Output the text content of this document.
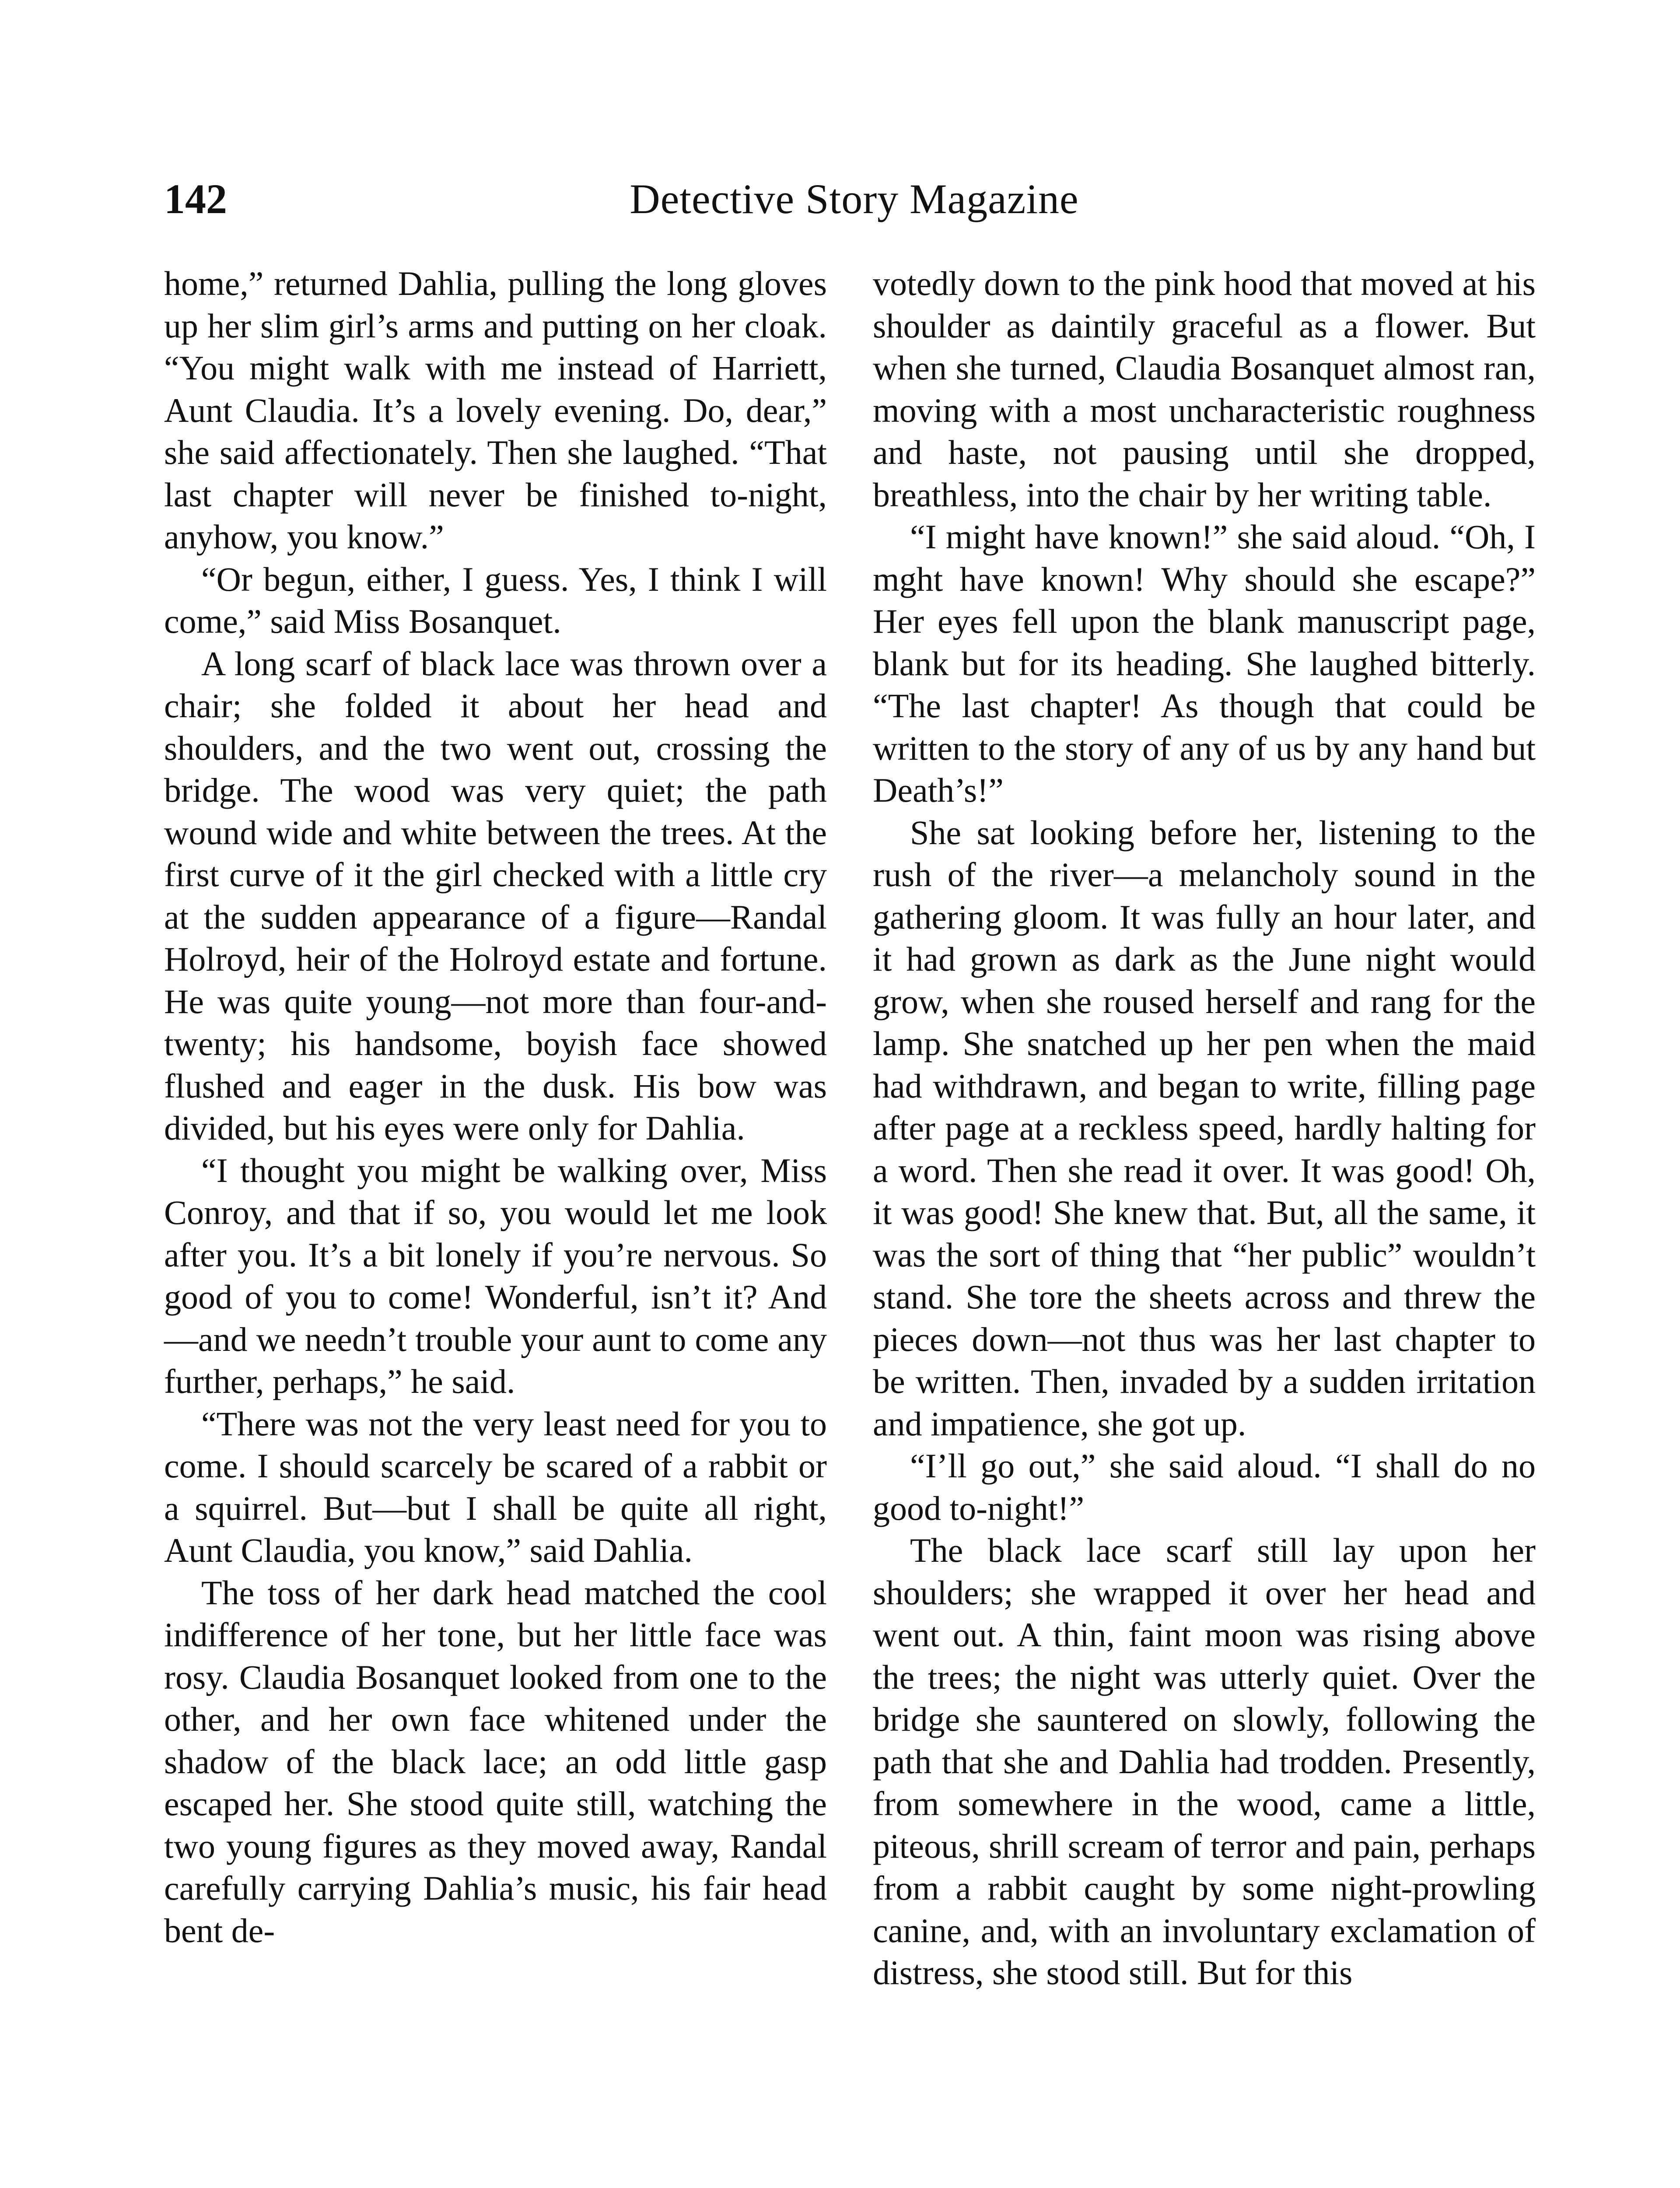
142	Detective Story Magazine

home,” returned Dahlia, pulling the long gloves up her slim girl’s arms and putting on her cloak. “You might walk with me instead of Harriett, Aunt Claudia. It’s a lovely evening. Do, dear,” she said affectionately. Then she laughed. “That last chapter will never be finished to-night, anyhow, you know.”

“Or begun, either, I guess. Yes, I think I will come,” said Miss Bosanquet.

A long scarf of black lace was thrown over a chair; she folded it about her head and shoulders, and the two went out, crossing the bridge. The wood was very quiet; the path wound wide and white between the trees. At the first curve of it the girl checked with a little cry at the sudden appearance of a figure—Randal Holroyd, heir of the Holroyd estate and fortune. He was quite young—not more than four-and-twenty; his handsome, boyish face showed flushed and eager in the dusk. His bow was divided, but his eyes were only for Dahlia.

“I thought you might be walking over, Miss Conroy, and that if so, you would let me look after you. It’s a bit lonely if you’re nervous. So good of you to come! Wonderful, isn’t it? And—and we needn’t trouble your aunt to come any further, perhaps,” he said.

“There was not the very least need for you to come. I should scarcely be scared of a rabbit or a squirrel. But—but I shall be quite all right, Aunt Claudia, you know,” said Dahlia.

The toss of her dark head matched the cool indifference of her tone, but her little face was rosy. Claudia Bosanquet looked from one to the other, and her own face whitened under the shadow of the black lace; an odd little gasp escaped her. She stood quite still, watching the two young figures as they moved away, Randal carefully carrying Dahlia’s music, his fair head bent de-

votedly down to the pink hood that moved at his shoulder as daintily graceful as a flower. But when she turned, Claudia Bosanquet almost ran, moving with a most uncharacteristic roughness and haste, not pausing until she dropped, breathless, into the chair by her writing table.

“I might have known!” she said aloud. “Oh, I mght have known! Why should she escape?” Her eyes fell upon the blank manuscript page, blank but for its heading. She laughed bitterly. “The last chapter! As though that could be written to the story of any of us by any hand but Death’s!”

She sat looking before her, listening to the rush of the river—a melancholy sound in the gathering gloom. It was fully an hour later, and it had grown as dark as the June night would grow, when she roused herself and rang for the lamp. She snatched up her pen when the maid had withdrawn, and began to write, filling page after page at a reckless speed, hardly halting for a word. Then she read it over. It was good! Oh, it was good! She knew that. But, all the same, it was the sort of thing that “her public” wouldn’t stand. She tore the sheets across and threw the pieces down—not thus was her last chapter to be written. Then, invaded by a sudden irritation and impatience, she got up.

“I’ll go out,” she said aloud. “I shall do no good to-night!”

The black lace scarf still lay upon her shoulders; she wrapped it over her head and went out. A thin, faint moon was rising above the trees; the night was utterly quiet. Over the bridge she sauntered on slowly, following the path that she and Dahlia had trodden. Presently, from somewhere in the wood, came a little, piteous, shrill scream of terror and pain, perhaps from a rabbit caught by some night-prowling canine, and, with an involuntary exclamation of distress, she stood still. But for this
